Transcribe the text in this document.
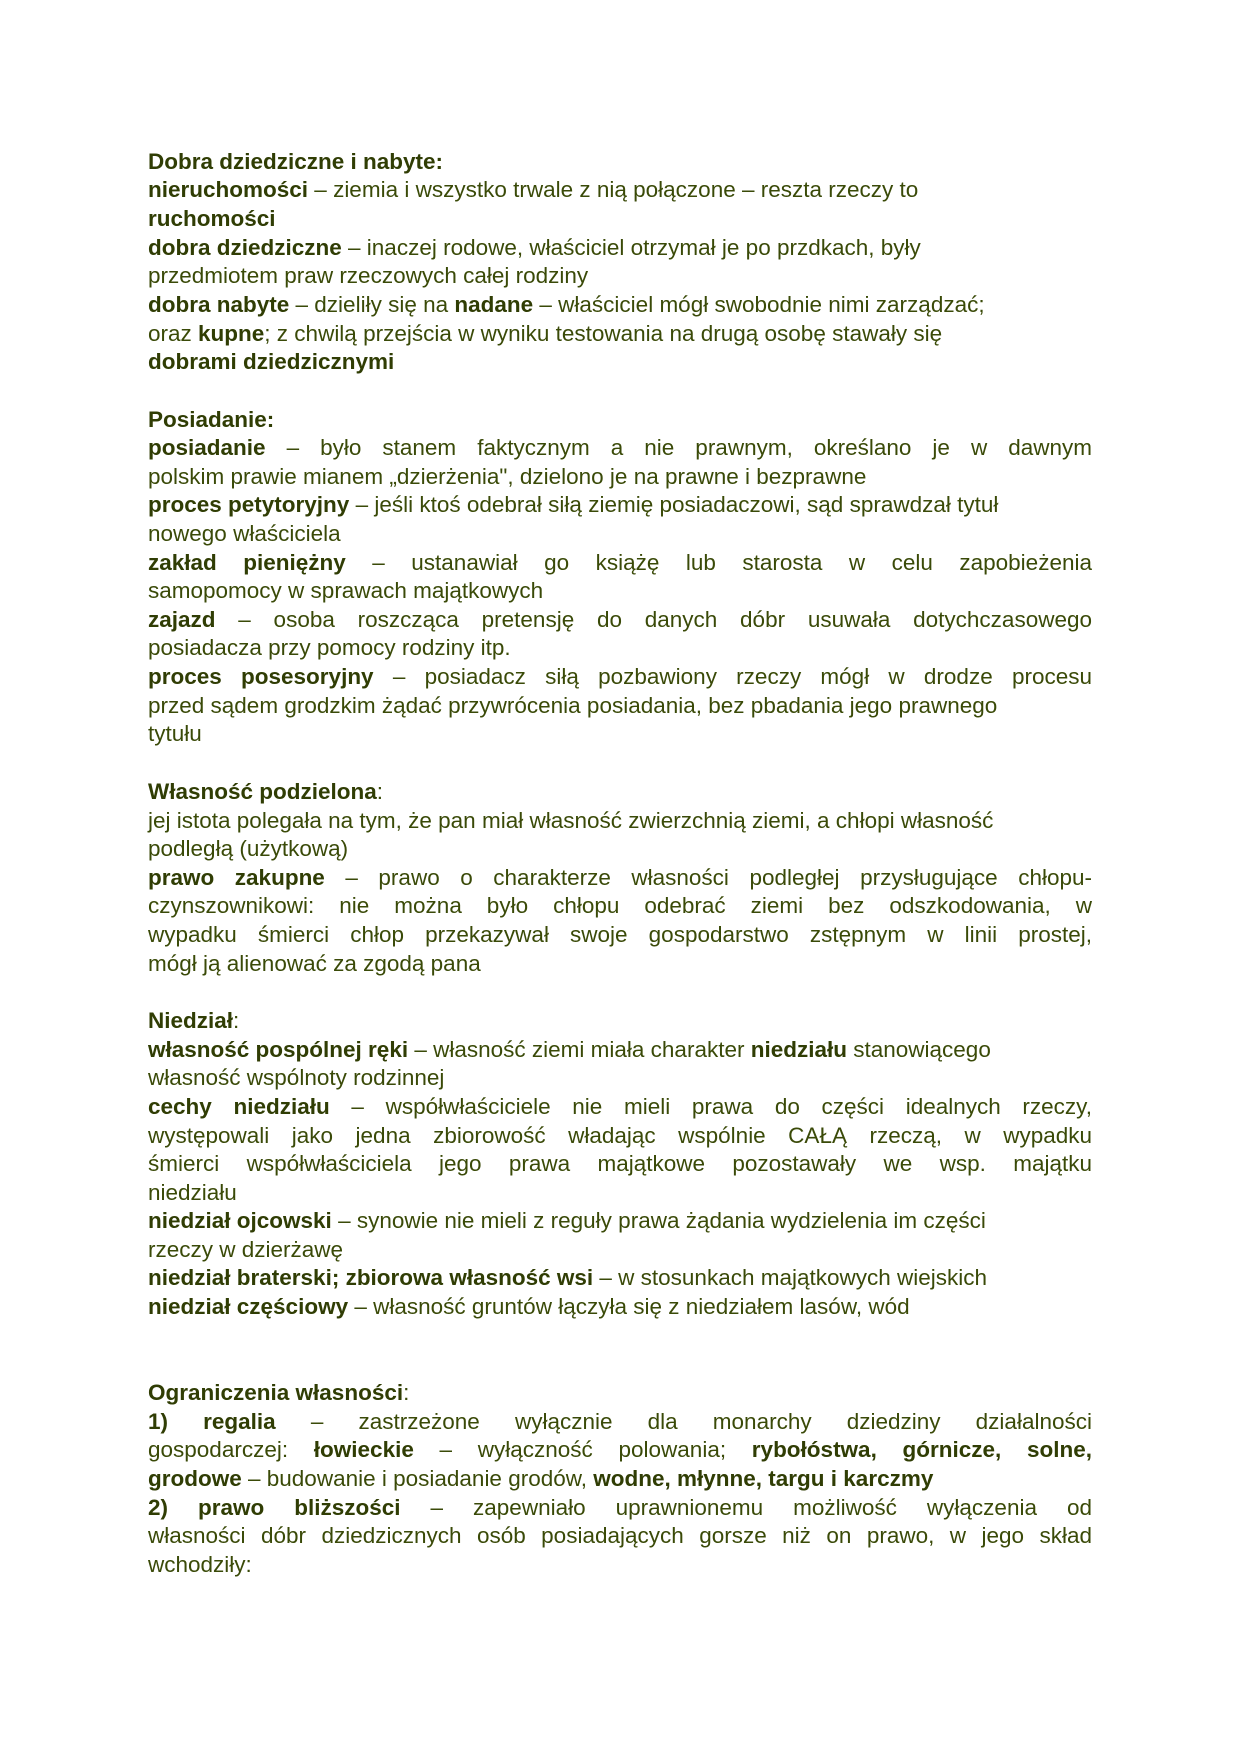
Dobra dziedziczne i nabyte:
nieruchomości – ziemia i wszystko trwale z nią połączone – reszta rzeczy to
ruchomości
dobra dziedziczne – inaczej rodowe, właściciel otrzymał je po przdkach, były
przedmiotem praw rzeczowych całej rodziny
dobra nabyte – dzieliły się na nadane – właściciel mógł swobodnie nimi zarządzać;
oraz kupne; z chwilą przejścia w wyniku testowania na drugą osobę stawały się
dobrami dziedzicznymi
Posiadanie:
posiadanie – było stanem faktycznym a nie prawnym, określano je w dawnym
polskim prawie mianem „dzierżenia", dzielono je na prawne i bezprawne
proces petytoryjny – jeśli ktoś odebrał siłą ziemię posiadaczowi, sąd sprawdzał tytuł
nowego właściciela
zakład pieniężny – ustanawiał go książę lub starosta w celu zapobieżenia
samopomocy w sprawach majątkowych
zajazd – osoba roszcząca pretensję do danych dóbr usuwała dotychczasowego
posiadacza przy pomocy rodziny itp.
proces posesoryjny – posiadacz siłą pozbawiony rzeczy mógł w drodze procesu
przed sądem grodzkim żądać przywrócenia posiadania, bez pbadania jego prawnego
tytułu
Własność podzielona:
jej istota polegała na tym, że pan miał własność zwierzchnią ziemi, a chłopi własność
podległą (użytkową)
prawo zakupne – prawo o charakterze własności podległej przysługujące chłopu-
czynszownikowi: nie można było chłopu odebrać ziemi bez odszkodowania, w
wypadku śmierci chłop przekazywał swoje gospodarstwo zstępnym w linii prostej,
mógł ją alienować za zgodą pana
Niedział:
własność pospólnej ręki – własność ziemi miała charakter niedziału stanowiącego
własność wspólnoty rodzinnej
cechy niedziału – współwłaściciele nie mieli prawa do części idealnych rzeczy,
występowali jako jedna zbiorowość władając wspólnie CAŁĄ rzeczą, w wypadku
śmierci współwłaściciela jego prawa majątkowe pozostawały we wsp. majątku
niedziału
niedział ojcowski – synowie nie mieli z reguły prawa żądania wydzielenia im części
rzeczy w dzierżawę
niedział braterski; zbiorowa własność wsi – w stosunkach majątkowych wiejskich
niedział częściowy – własność gruntów łączyła się z niedziałem lasów, wód
Ograniczenia własności:
1) regalia – zastrzeżone wyłącznie dla monarchy dziedziny działalności
gospodarczej: łowieckie – wyłączność polowania; rybołóstwa, górnicze, solne,
grodowe – budowanie i posiadanie grodów, wodne, młynne, targu i karczmy
2) prawo bliższości – zapewniało uprawnionemu możliwość wyłączenia od
własności dóbr dziedzicznych osób posiadających gorsze niż on prawo, w jego skład
wchodziły:
